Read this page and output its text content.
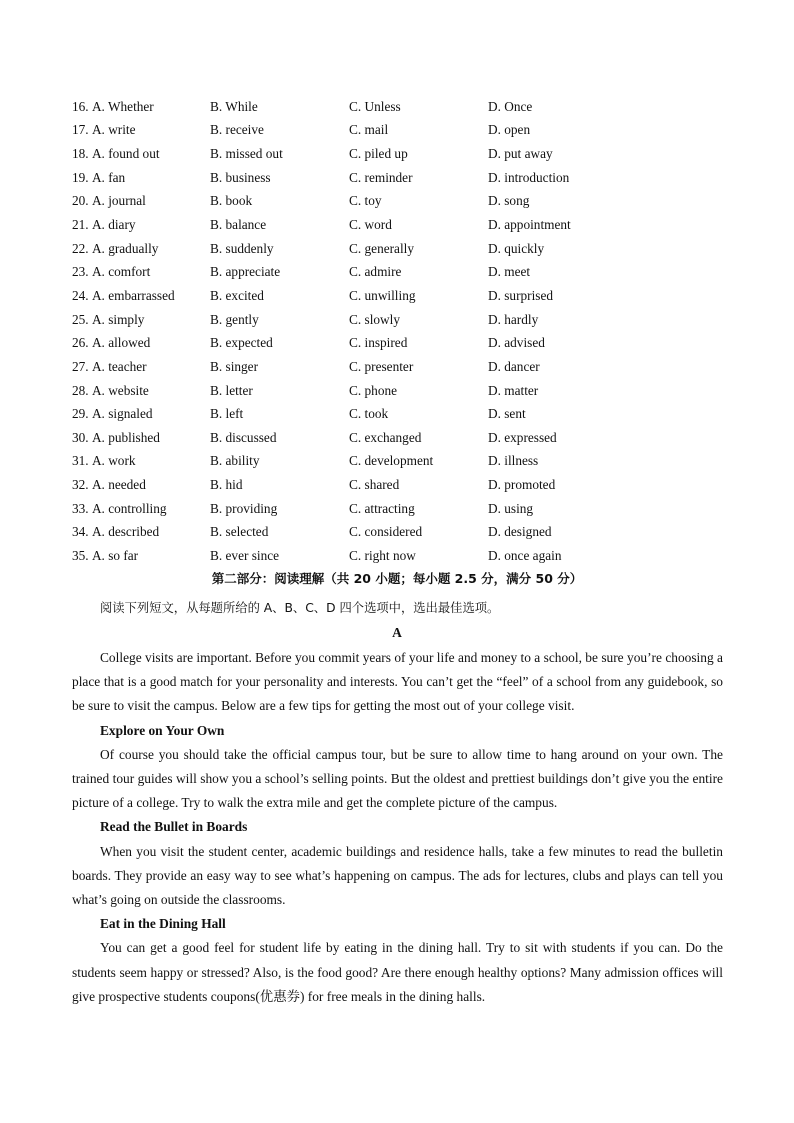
16. A. Whether	B. While	C. Unless	D. Once
17. A. write	B. receive	C. mail	D. open
18. A. found out	B. missed out	C. piled up	D. put away
19. A. fan	B. business	C. reminder	D. introduction
20. A. journal	B. book	C. toy	D. song
21. A. diary	B. balance	C. word	D. appointment
22. A. gradually	B. suddenly	C. generally	D. quickly
23. A. comfort	B. appreciate	C. admire	D. meet
24. A. embarrassed	B. excited	C. unwilling	D. surprised
25. A. simply	B. gently	C. slowly	D. hardly
26. A. allowed	B. expected	C. inspired	D. advised
27. A. teacher	B. singer	C. presenter	D. dancer
28. A. website	B. letter	C. phone	D. matter
29. A. signaled	B. left	C. took	D. sent
30. A. published	B. discussed	C. exchanged	D. expressed
31. A. work	B. ability	C. development	D. illness
32. A. needed	B. hid	C. shared	D. promoted
33. A. controlling	B. providing	C. attracting	D. using
34. A. described	B. selected	C. considered	D. designed
35. A. so far	B. ever since	C. right now	D. once again
第二部分：阅读理解（共 20 小题；每小题 2.5 分，满分 50 分）
阅读下列短文，从每题所给的 A、B、C、D 四个选项中，选出最佳选项。
A

College visits are important. Before you commit years of your life and money to a school, be sure you’re choosing a place that is a good match for your personality and interests. You can’t get the “feel” of a school from any guidebook, so be sure to visit the campus. Below are a few tips for getting the most out of your college visit.

Explore on Your Own

Of course you should take the official campus tour, but be sure to allow time to hang around on your own. The trained tour guides will show you a school’s selling points. But the oldest and prettiest buildings don’t give you the entire picture of a college. Try to walk the extra mile and get the complete picture of the campus.

Read the Bullet in Boards

When you visit the student center, academic buildings and residence halls, take a few minutes to read the bulletin boards. They provide an easy way to see what’s happening on campus. The ads for lectures, clubs and plays can tell you what’s going on outside the classrooms.

Eat in the Dining Hall

You can get a good feel for student life by eating in the dining hall. Try to sit with students if you can. Do the students seem happy or stressed? Also, is the food good? Are there enough healthy options? Many admission offices will give prospective students coupons(优惠券) for free meals in the dining halls.
